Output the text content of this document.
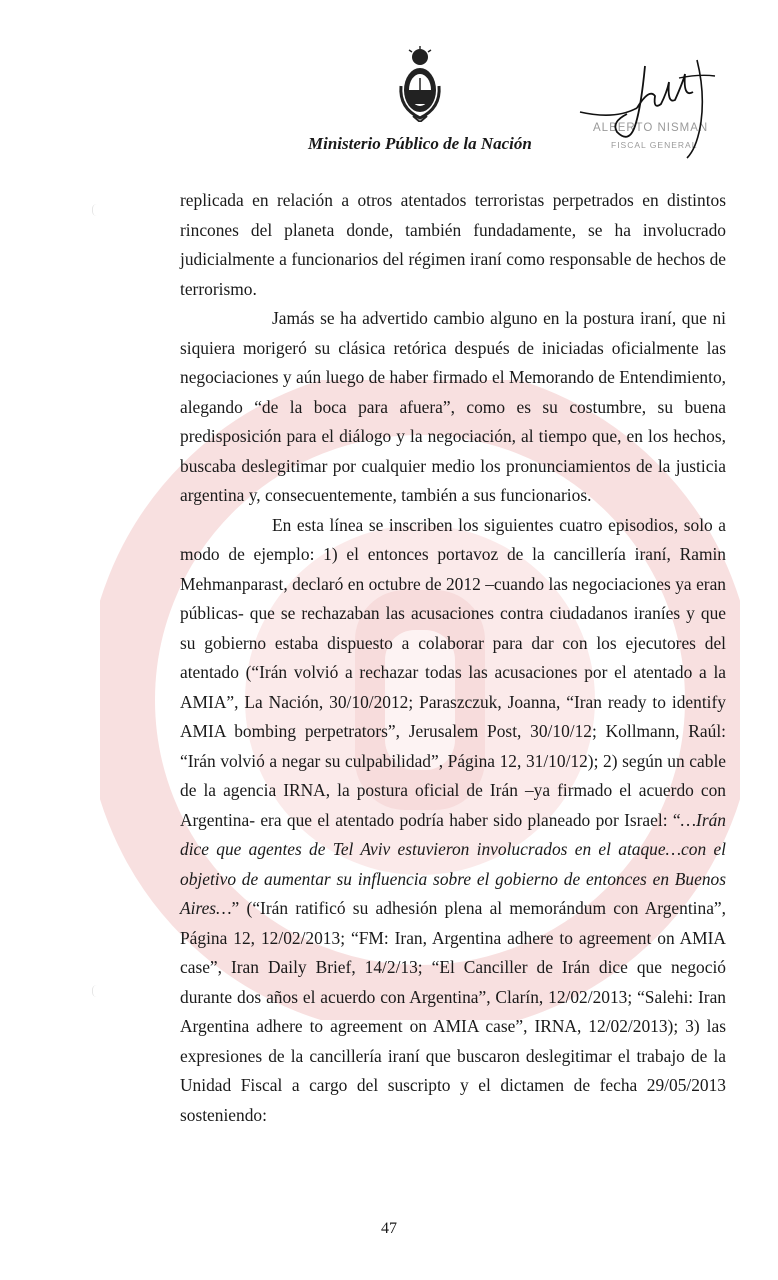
Ministerio Público de la Nación
ALBERTO NISMAN
FISCAL GENERAL

replicada en relación a otros atentados terroristas perpetrados en distintos rincones del planeta donde, también fundadamente, se ha involucrado judicialmente a funcionarios del régimen iraní como responsable de hechos de terrorismo.

Jamás se ha advertido cambio alguno en la postura iraní, que ni siquiera morigeró su clásica retórica después de iniciadas oficialmente las negociaciones y aún luego de haber firmado el Memorando de Entendimiento, alegando “de la boca para afuera”, como es su costumbre, su buena predisposición para el diálogo y la negociación, al tiempo que, en los hechos, buscaba deslegitimar por cualquier medio los pronunciamientos de la justicia argentina y, consecuentemente, también a sus funcionarios.

En esta línea se inscriben los siguientes cuatro episodios, solo a modo de ejemplo: 1) el entonces portavoz de la cancillería iraní, Ramin Mehmanparast, declaró en octubre de 2012 –cuando las negociaciones ya eran públicas- que se rechazaban las acusaciones contra ciudadanos iraníes y que su gobierno estaba dispuesto a colaborar para dar con los ejecutores del atentado (“Irán volvió a rechazar todas las acusaciones por el atentado a la AMIA”, La Nación, 30/10/2012; Paraszczuk, Joanna, “Iran ready to identify AMIA bombing perpetrators”, Jerusalem Post, 30/10/12; Kollmann, Raúl: “Irán volvió a negar su culpabilidad”, Página 12, 31/10/12); 2) según un cable de la agencia IRNA, la postura oficial de Irán –ya firmado el acuerdo con Argentina- era que el atentado podría haber sido planeado por Israel: “…Irán dice que agentes de Tel Aviv estuvieron involucrados en el ataque…con el objetivo de aumentar su influencia sobre el gobierno de entonces en Buenos Aires…” (“Irán ratificó su adhesión plena al memorándum con Argentina”, Página 12, 12/02/2013; “FM: Iran, Argentina adhere to agreement on AMIA case”, Iran Daily Brief, 14/2/13; “El Canciller de Irán dice que negoció durante dos años el acuerdo con Argentina”, Clarín, 12/02/2013; “Salehi: Iran Argentina adhere to agreement on AMIA case”, IRNA, 12/02/2013); 3) las expresiones de la cancillería iraní que buscaron deslegitimar el trabajo de la Unidad Fiscal a cargo del suscripto y el dictamen de fecha 29/05/2013 sosteniendo:

47
